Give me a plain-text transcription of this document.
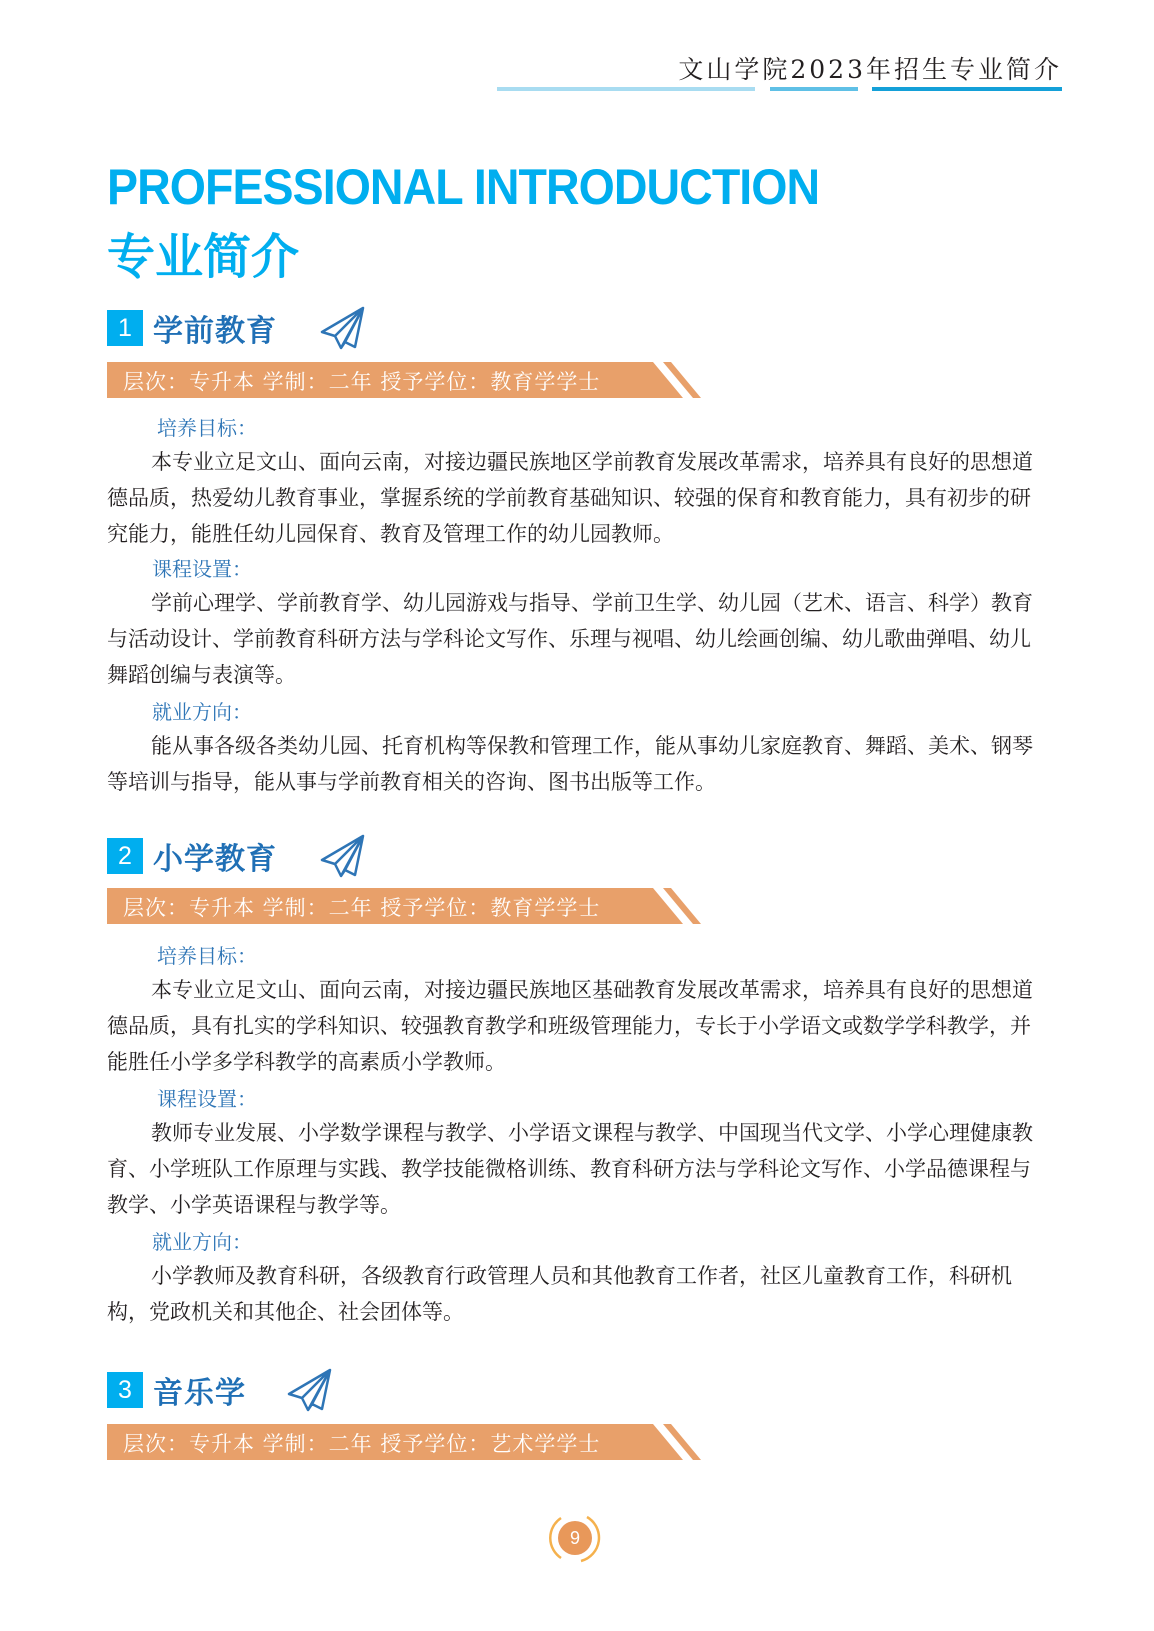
文山学院2023年招生专业简介
PROFESSIONAL INTRODUCTION
专业简介
1 学前教育
层次：专升本 学制：二年 授予学位：教育学学士
培养目标：
本专业立足文山、面向云南，对接边疆民族地区学前教育发展改革需求，培养具有良好的思想道德品质，热爱幼儿教育事业，掌握系统的学前教育基础知识、较强的保育和教育能力，具有初步的研究能力，能胜任幼儿园保育、教育及管理工作的幼儿园教师。
课程设置：
学前心理学、学前教育学、幼儿园游戏与指导、学前卫生学、幼儿园（艺术、语言、科学）教育与活动设计、学前教育科研方法与学科论文写作、乐理与视唱、幼儿绘画创编、幼儿歌曲弹唱、幼儿舞蹈创编与表演等。
就业方向：
能从事各级各类幼儿园、托育机构等保教和管理工作，能从事幼儿家庭教育、舞蹈、美术、钢琴等培训与指导，能从事与学前教育相关的咨询、图书出版等工作。
2 小学教育
层次：专升本 学制：二年 授予学位：教育学学士
培养目标：
本专业立足文山、面向云南，对接边疆民族地区基础教育发展改革需求，培养具有良好的思想道德品质，具有扎实的学科知识、较强教育教学和班级管理能力，专长于小学语文或数学学科教学，并能胜任小学多学科教学的高素质小学教师。
课程设置：
教师专业发展、小学数学课程与教学、小学语文课程与教学、中国现当代文学、小学心理健康教育、小学班队工作原理与实践、教学技能微格训练、教育科研方法与学科论文写作、小学品德课程与教学、小学英语课程与教学等。
就业方向：
小学教师及教育科研，各级教育行政管理人员和其他教育工作者，社区儿童教育工作，科研机构，党政机关和其他企、社会团体等。
3 音乐学
层次：专升本 学制：二年 授予学位：艺术学学士
9
